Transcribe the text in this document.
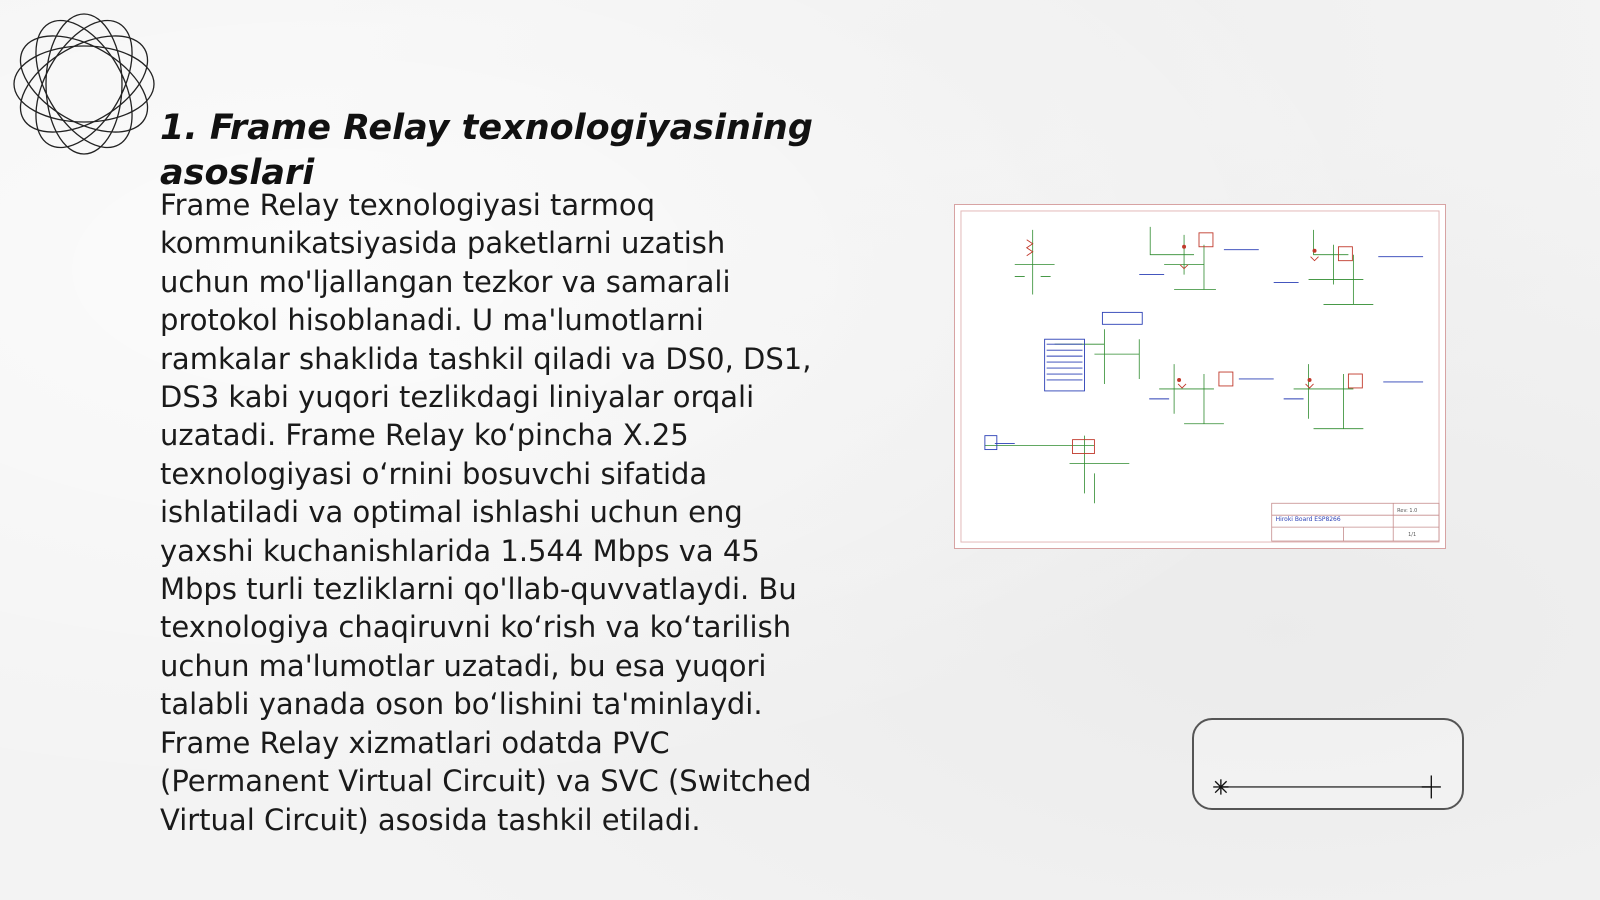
1. Frame Relay texnologiyasining
asoslari

Frame Relay texnologiyasi tarmoq
kommunikatsiyasida paketlarni uzatish
uchun mo'ljallangan tezkor va samarali
protokol hisoblanadi. U ma'lumotlarni
ramkalar shaklida tashkil qiladi va DS0, DS1,
DS3 kabi yuqori tezlikdagi liniyalar orqali
uzatadi. Frame Relay ko‘pincha X.25
texnologiyasi o‘rnini bosuvchi sifatida
ishlatiladi va optimal ishlashi uchun eng
yaxshi kuchanishlarida 1.544 Mbps va 45
Mbps turli tezliklarni qo'llab-quvvatlaydi. Bu
texnologiya chaqiruvni ko‘rish va ko‘tarilish
uchun ma'lumotlar uzatadi, bu esa yuqori
talabli yanada oson bo‘lishini ta'minlaydi.
Frame Relay xizmatlari odatda PVC
(Permanent Virtual Circuit) va SVC (Switched
Virtual Circuit) asosida tashkil etiladi.

Hiroki Board ESP8266
Rev: 1.0
1/1
